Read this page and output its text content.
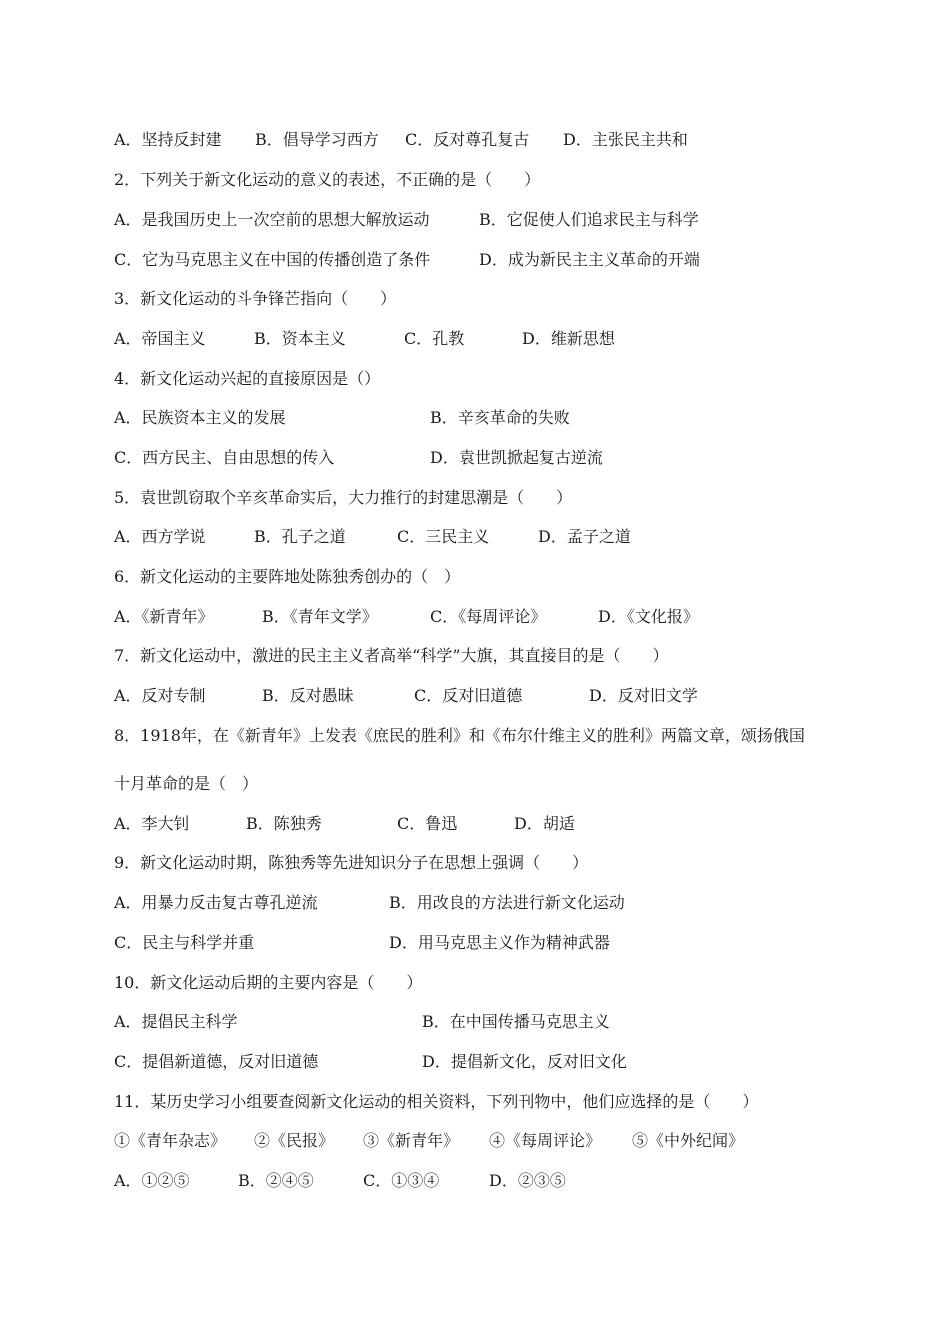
A．坚持反封建 B．倡导学习西方 C．反对尊孔复古 D．主张民主共和
2．下列关于新文化运动的意义的表述，不正确的是（　　）
A．是我国历史上一次空前的思想大解放运动	B．它促使人们追求民主与科学
C．它为马克思主义在中国的传播创造了条件	D．成为新民主主义革命的开端
3．新文化运动的斗争锋芒指向（　　）
A．帝国主义	B．资本主义	C．孔教	D．维新思想
4．新文化运动兴起的直接原因是（）
A．民族资本主义的发展	B．辛亥革命的失败
C．西方民主、自由思想的传入	D．袁世凯掀起复古逆流
5．袁世凯窃取个辛亥革命实后，大力推行的封建思潮是（　　）
A．西方学说	B．孔子之道	C．三民主义	D．孟子之道
6．新文化运动的主要阵地处陈独秀创办的（　）
A．《新青年》	B．《青年文学》	C．《每周评论》	D．《文化报》
7．新文化运动中，激进的民主主义者高举“科学”大旗，其直接目的是（　　）
A．反对专制	B．反对愚昧	C．反对旧道德	D．反对旧文学
8．1918年，在《新青年》上发表《庶民的胜利》和《布尔什维主义的胜利》两篇文章，颂扬俄国
十月革命的是（　）
A．李大钊	B．陈独秀	C．鲁迅	D．胡适
9．新文化运动时期，陈独秀等先进知识分子在思想上强调（　　）
A．用暴力反击复古尊孔逆流	B．用改良的方法进行新文化运动
C．民主与科学并重	D．用马克思主义作为精神武器
10．新文化运动后期的主要内容是（　　）
A．提倡民主科学	B．在中国传播马克思主义
C．提倡新道德，反对旧道德	D．提倡新文化，反对旧文化
11．某历史学习小组要查阅新文化运动的相关资料，下列刊物中，他们应选择的是（　　）
①《青年杂志》 ②《民报》 ③《新青年》 ④《每周评论》 ⑤《中外纪闻》
A．①②⑤	B．②④⑤	C．①③④	D．②③⑤
